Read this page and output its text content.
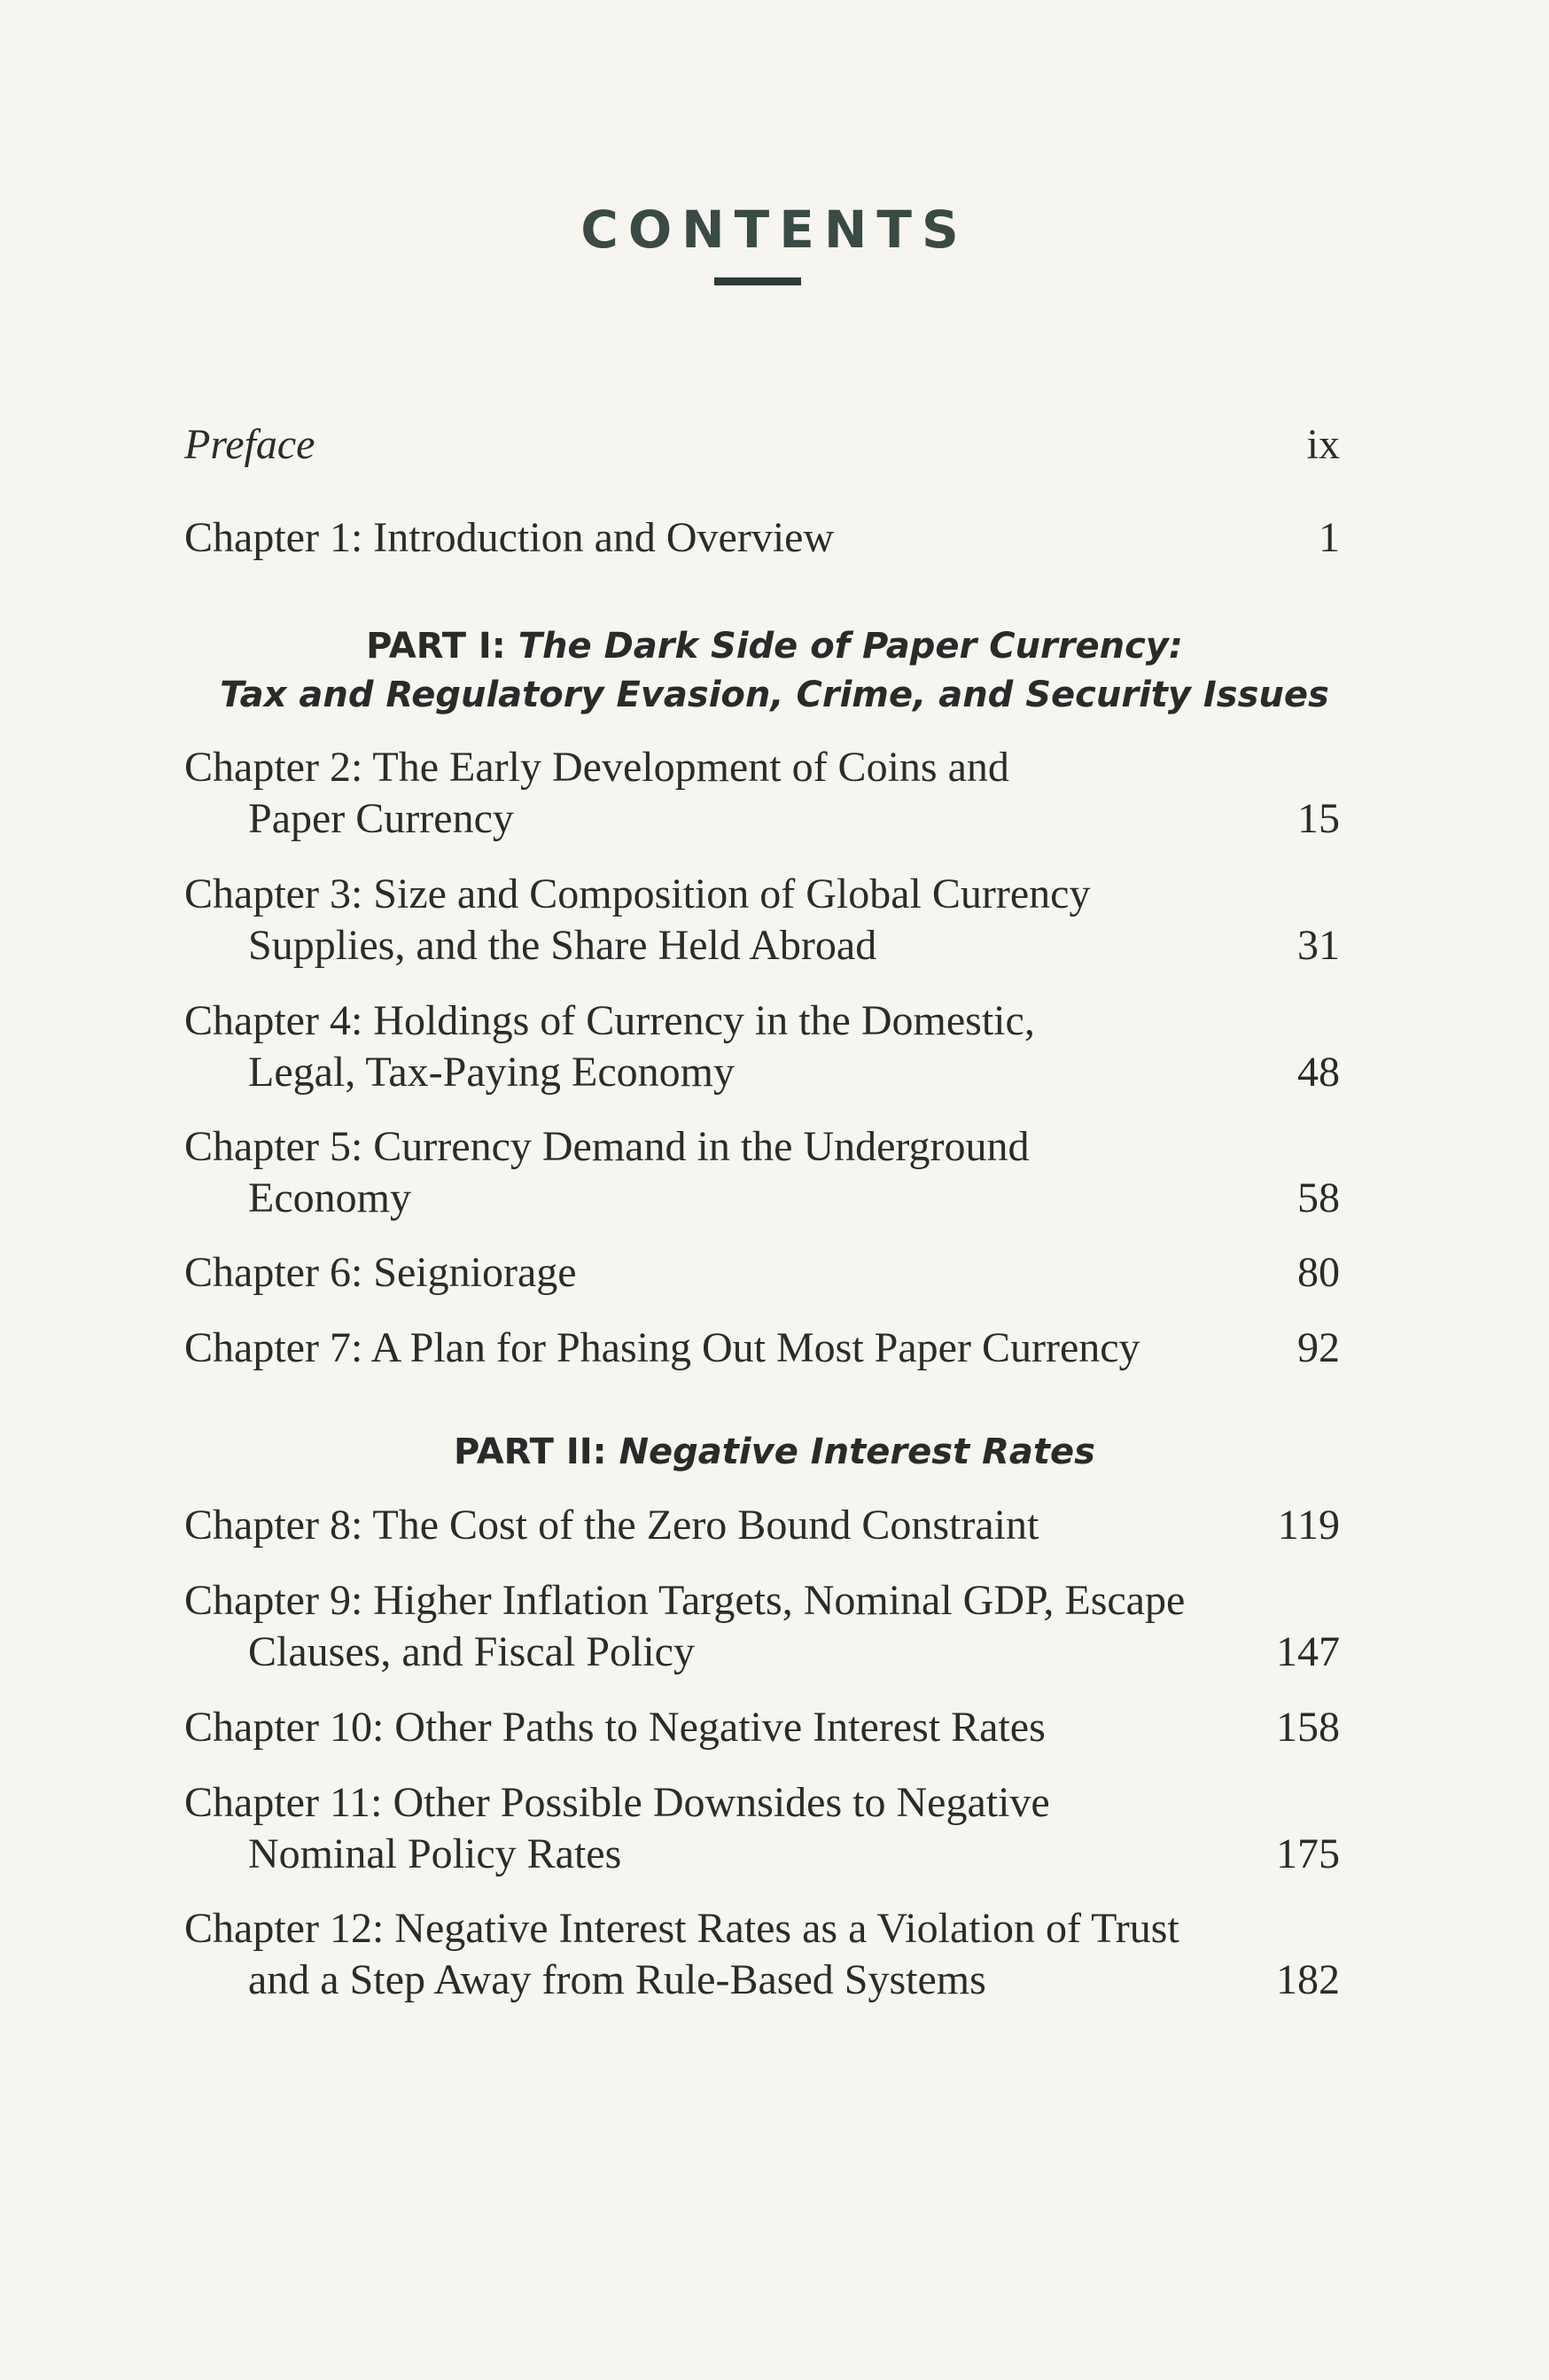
CONTENTS
Preface	ix
Chapter 1: Introduction and Overview	1
PART I: The Dark Side of Paper Currency:
Tax and Regulatory Evasion, Crime, and Security Issues
Chapter 2: The Early Development of Coins and
Paper Currency	15
Chapter 3: Size and Composition of Global Currency
Supplies, and the Share Held Abroad	31
Chapter 4: Holdings of Currency in the Domestic,
Legal, Tax-Paying Economy	48
Chapter 5: Currency Demand in the Underground
Economy	58
Chapter 6: Seigniorage	80
Chapter 7: A Plan for Phasing Out Most Paper Currency	92
PART II: Negative Interest Rates
Chapter 8: The Cost of the Zero Bound Constraint	119
Chapter 9: Higher Inflation Targets, Nominal GDP, Escape
Clauses, and Fiscal Policy	147
Chapter 10: Other Paths to Negative Interest Rates	158
Chapter 11: Other Possible Downsides to Negative
Nominal Policy Rates	175
Chapter 12: Negative Interest Rates as a Violation of Trust
and a Step Away from Rule-Based Systems	182
